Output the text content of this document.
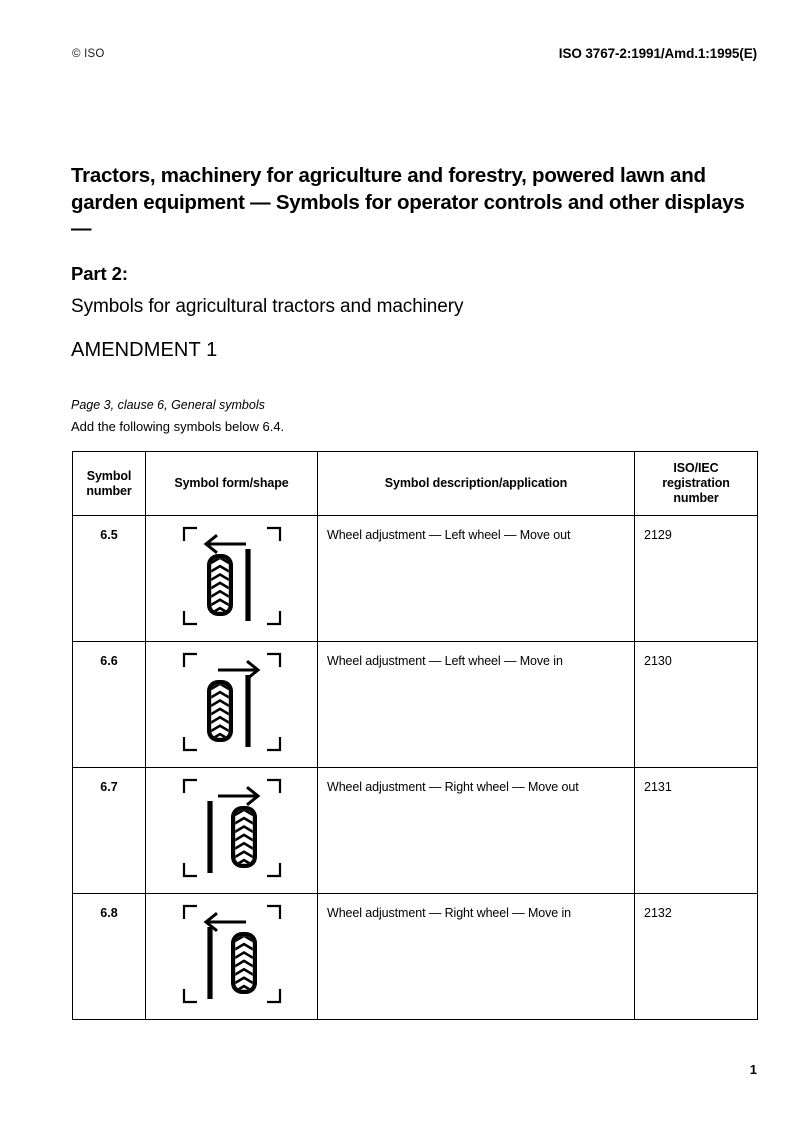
© ISO	ISO 3767-2:1991/Amd.1:1995(E)
Tractors, machinery for agriculture and forestry, powered lawn and garden equipment — Symbols for operator controls and other displays —
Part 2:
Symbols for agricultural tractors and machinery
AMENDMENT 1
Page 3, clause 6, General symbols
Add the following symbols below 6.4.
Symbol number	Symbol form/shape	Symbol description/application	ISO/IEC registration number
6.5		Wheel adjustment — Left wheel — Move out	2129
6.6		Wheel adjustment — Left wheel — Move in	2130
6.7		Wheel adjustment — Right wheel — Move out	2131
6.8		Wheel adjustment — Right wheel — Move in	2132
1
